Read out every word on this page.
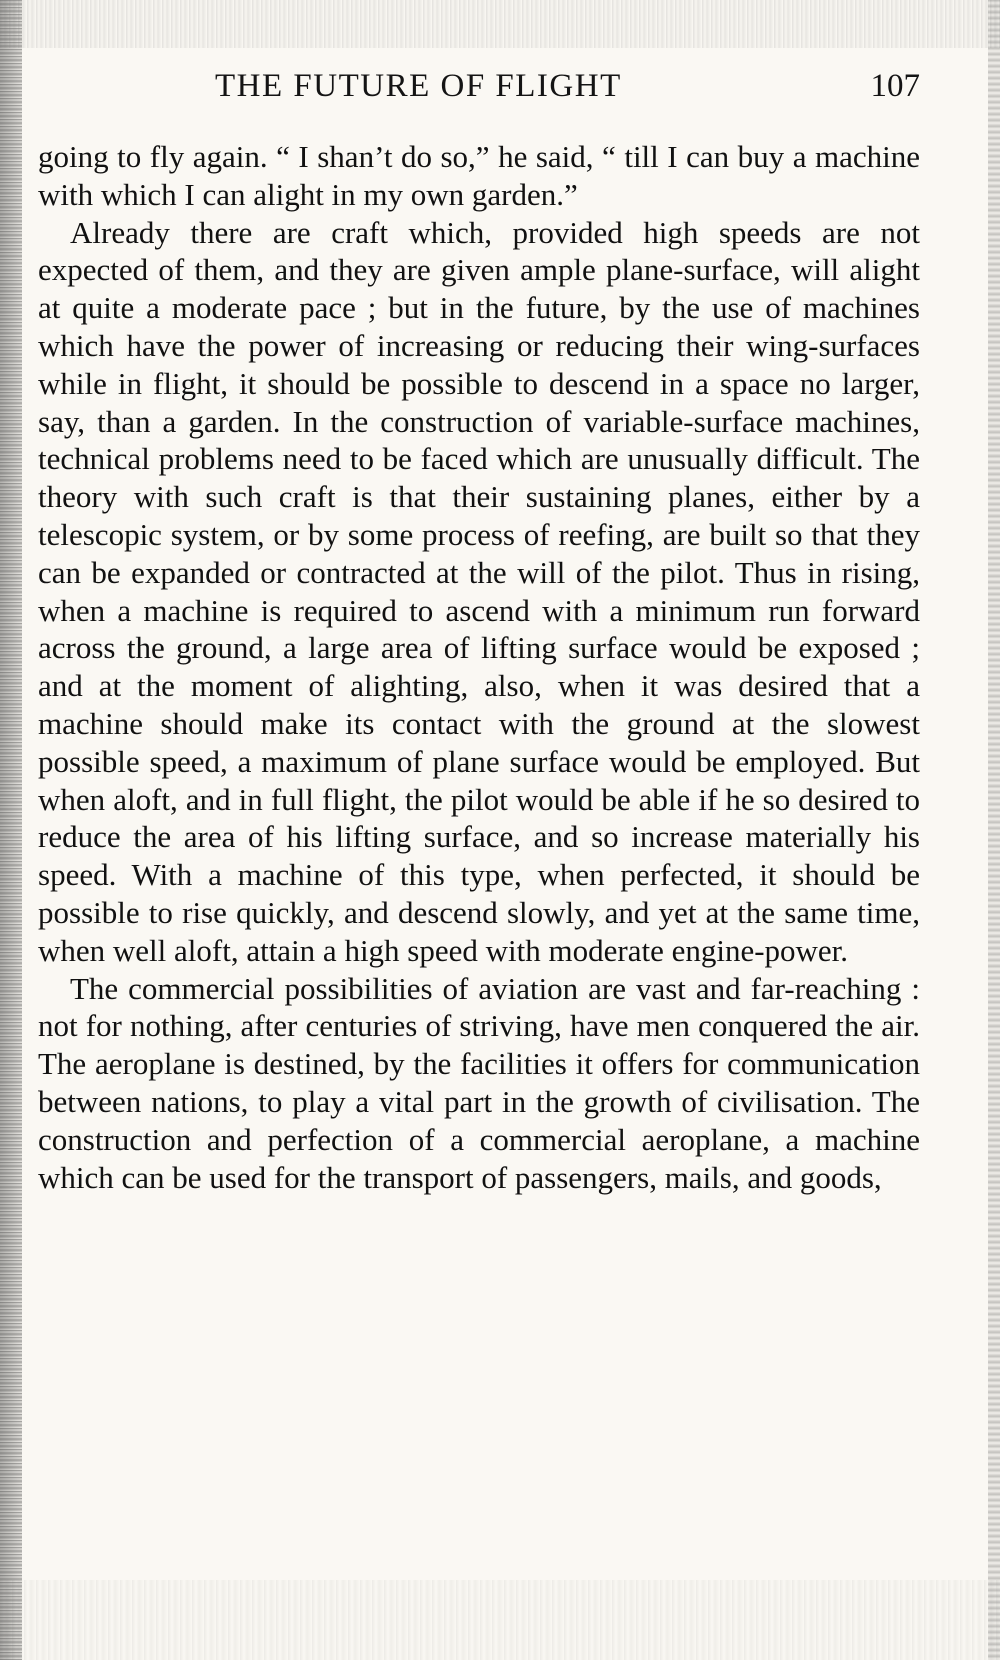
THE FUTURE OF FLIGHT	107

going to fly again. “ I shan’t do so,” he said, “ till I can buy a machine with which I can alight in my own garden.”

Already there are craft which, provided high speeds are not expected of them, and they are given ample plane-surface, will alight at quite a moderate pace ; but in the future, by the use of machines which have the power of increasing or reducing their wing-surfaces while in flight, it should be possible to descend in a space no larger, say, than a garden. In the construction of variable-surface machines, technical problems need to be faced which are unusually difficult. The theory with such craft is that their sustaining planes, either by a telescopic system, or by some process of reefing, are built so that they can be expanded or contracted at the will of the pilot. Thus in rising, when a machine is required to ascend with a minimum run forward across the ground, a large area of lifting surface would be exposed ; and at the moment of alighting, also, when it was desired that a machine should make its contact with the ground at the slowest possible speed, a maximum of plane surface would be employed. But when aloft, and in full flight, the pilot would be able if he so desired to reduce the area of his lifting surface, and so increase materially his speed. With a machine of this type, when perfected, it should be possible to rise quickly, and descend slowly, and yet at the same time, when well aloft, attain a high speed with moderate engine-power.

The commercial possibilities of aviation are vast and far-reaching : not for nothing, after centuries of striving, have men conquered the air. The aeroplane is destined, by the facilities it offers for communication between nations, to play a vital part in the growth of civilisation. The construction and perfection of a commercial aeroplane, a machine which can be used for the transport of passengers, mails, and goods,
